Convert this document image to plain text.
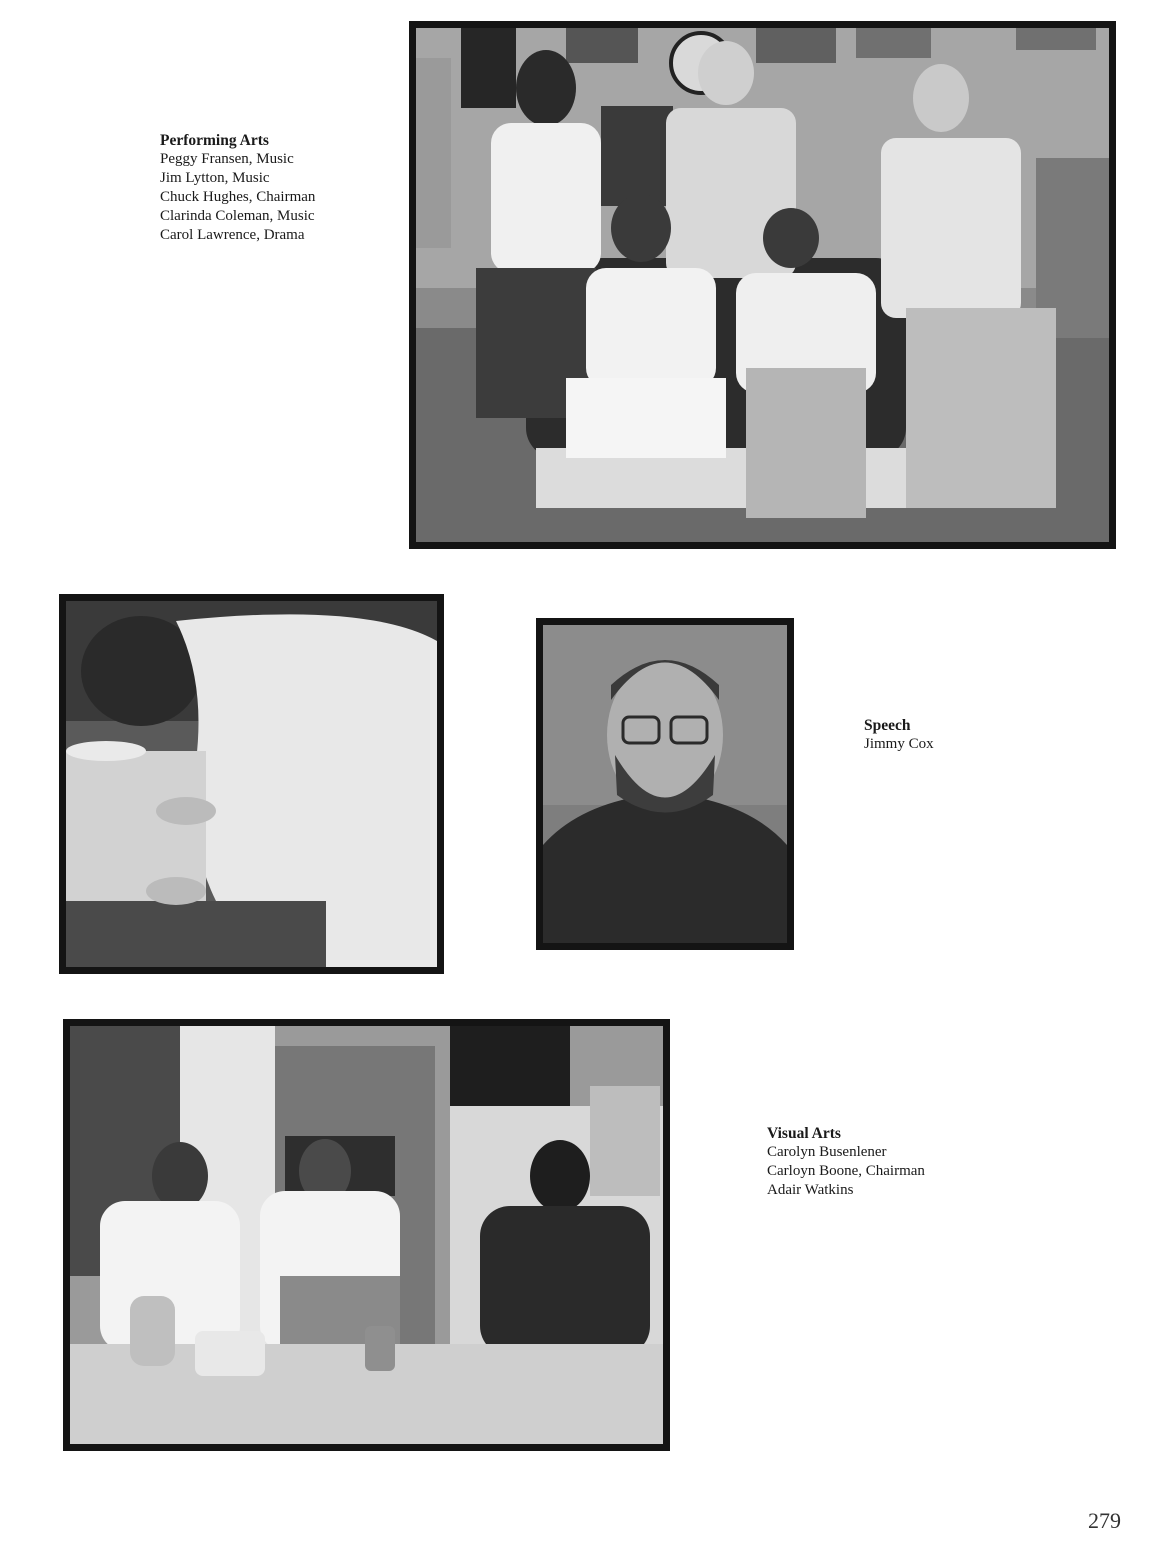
Performing Arts
Peggy Fransen, Music
Jim Lytton, Music
Chuck Hughes, Chairman
Clarinda Coleman, Music
Carol Lawrence, Drama
Speech
Jimmy Cox
Visual Arts
Carolyn Busenlener
Carloyn Boone, Chairman
Adair Watkins
279
